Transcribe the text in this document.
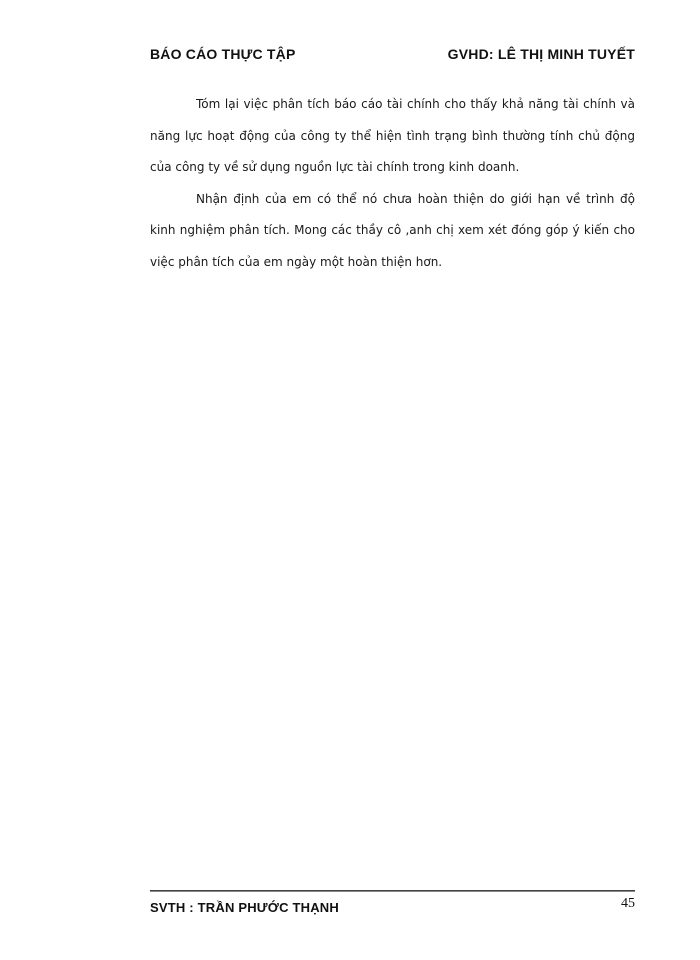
BÁO CÁO THỰC TẬP	GVHD: LÊ THỊ MINH TUYẾT

Tóm lại việc phân tích báo cáo tài chính cho thấy khả năng tài chính và năng lực hoạt động của công ty thể hiện tình trạng bình thường tính chủ động của công ty về sử dụng nguồn lực tài chính trong kinh doanh.

Nhận định của em có thể nó chưa hoàn thiện do giới hạn về trình độ kinh nghiệm phân tích. Mong các thầy cô ,anh chị xem xét đóng góp ý kiến cho việc phân tích của em ngày một hoàn thiện hơn.

SVTH : TRẦN PHƯỚC THẠNH	45
